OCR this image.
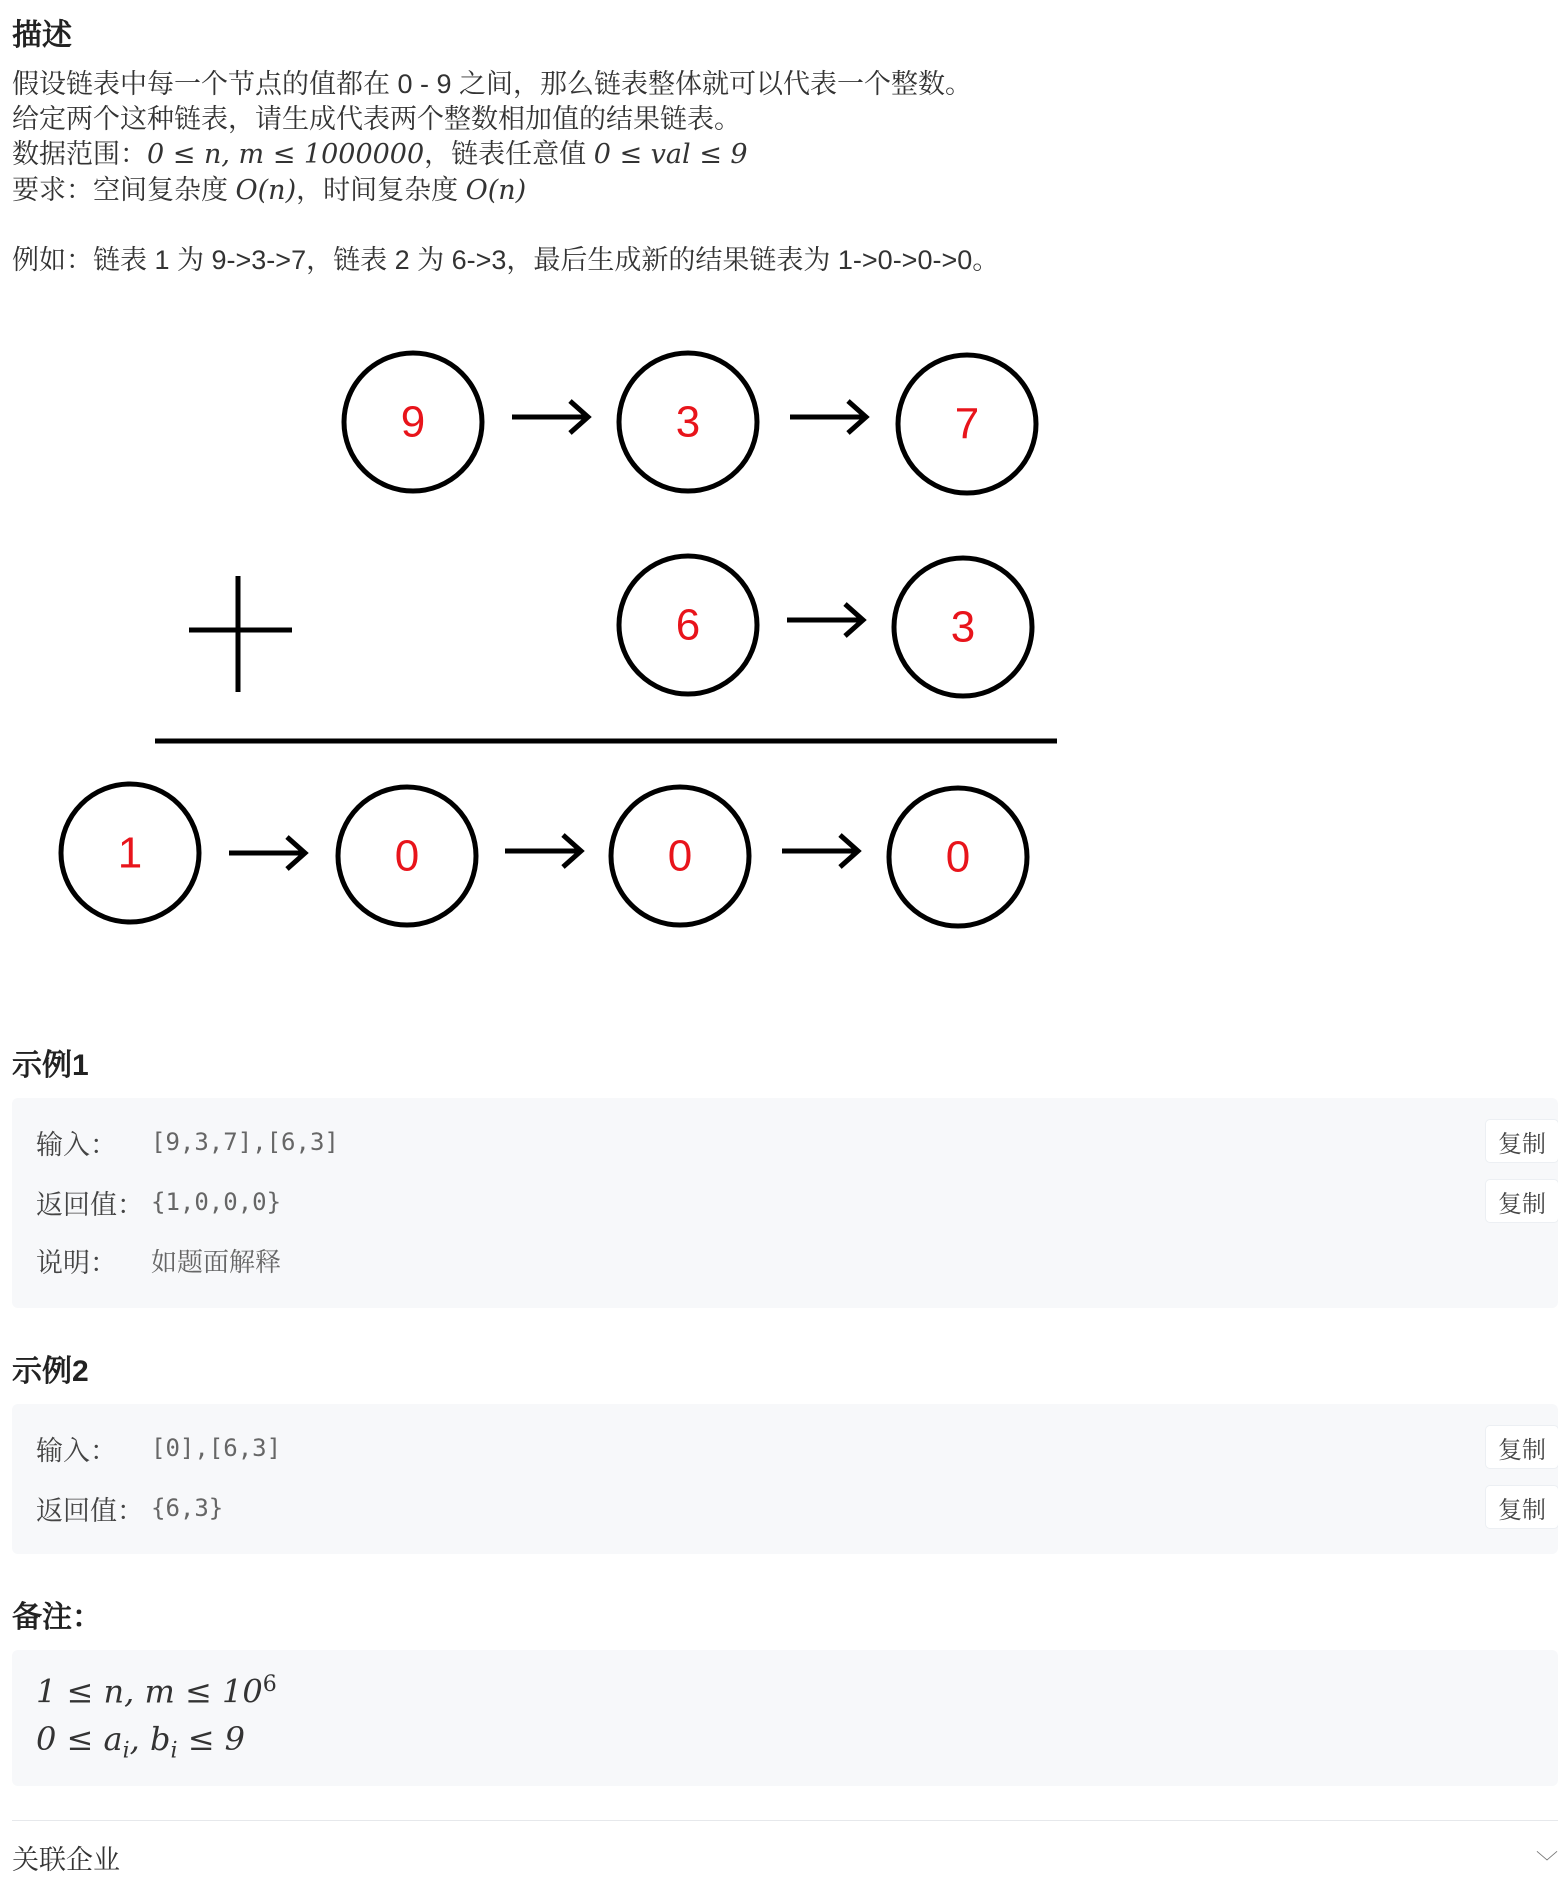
描述
假设链表中每一个节点的值都在 0 - 9 之间，那么链表整体就可以代表一个整数。
给定两个这种链表，请生成代表两个整数相加值的结果链表。
数据范围：0 ≤ n, m ≤ 1000000，链表任意值 0 ≤ val ≤ 9
要求：空间复杂度 O(n)，时间复杂度 O(n)
例如：链表 1 为 9->3->7，链表 2 为 6->3，最后生成新的结果链表为 1->0->0->0。
9	3	7
6	3
1	0	0	0
示例1
输入：	[9,3,7],[6,3]	复制
返回值： {1,0,0,0}	复制
说明：	如题面解释
示例2
输入：	[0],[6,3]	复制
返回值： {6,3}	复制
备注：
1 ≤ n, $m \le 10^6$
$0 \le a_i$, $b_i \le 9$
关联企业	﹀
